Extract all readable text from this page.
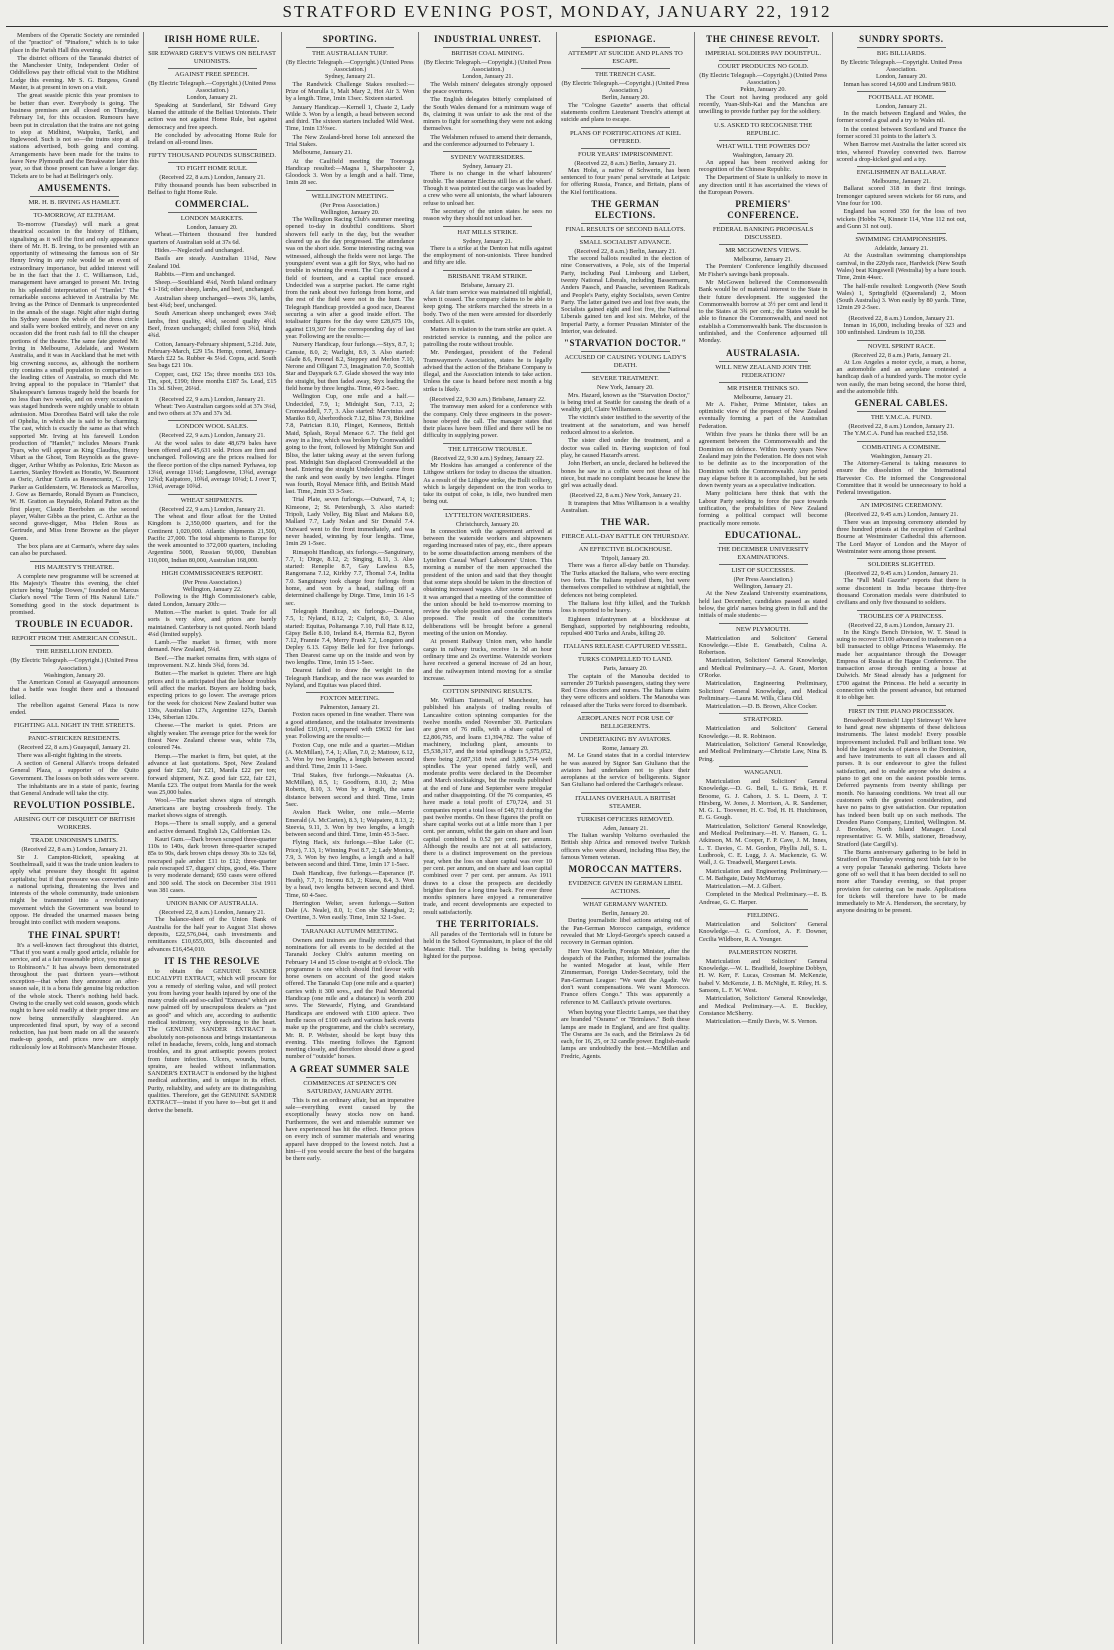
STRATFORD EVENING POST, MONDAY, JANUARY 22, 1912

Members of the Operatic Society are reminded of the "practice" of "Pinafore," which is to take place in the Parish Hall this evening.

The district officers of the Taranaki district of the Manchester Unity, Independent Order of Oddfellows pay their official visit to the Midhirst Lodge this evening. Mr S. G. Burgess, Grand Master, is at present in town on a visit.

The great seaside picnic this year promises to be better than ever. Everybody is going. The business premises are all closed on Thursday, February 1st, for this occasion. Rumours have been put in circulation that the trains are not going to stop at Midhirst, Waipuku, Tariki, and Inglewood. Such is not so—the trains stop at all stations advertised, both going and coming. Arrangements have been made for the trains to leave New Plymouth and the Breakwater later this year, so that those present can have a longer day. Tickets are to be had at Bellringer's only.

AMUSEMENTS.
MR. H. B. IRVING AS HAMLET.
TO-MORROW, AT ELTHAM.

To-morrow (Tuesday) will mark a great theatrical occasion in the history of Eltham, signalising as it will the first and only appearance there of Mr. H. B. Irving, to be presented with an opportunity of witnessing the famous son of Sir Henry Irving in any role would be an event of extraordinary importance, but added interest will be in the fact that the J. C. Williamson, Ltd., management have arranged to present Mr. Irving in his splendid interpretation of "Hamlet." The remarkable success achieved in Australia by Mr. Irving as the Prince of Denmark is unprecedented in the annals of the stage. Night after night during his Sydney season the whole of the dress circle and stalls were booked entirely, and never on any occasion did the front rush fail to fill the cheaper portions of the theatre. The same fate greeted Mr. Irving in Melbourne, Adelaide, and Western Australia, and it was in Auckland that he met with big crowning success, as, although the northern city contains a small population in comparison to the leading cities of Australia, so much did Mr. Irving appeal to the populace in "Hamlet" that Shakespeare's famous tragedy held the boards for no less than two weeks, and on every occasion it was staged hundreds were nightly unable to obtain admission. Miss Dorothea Baird will take the role of Ophelia, in which she is said to be charming. The cast, which is exactly the same as that which supported Mr. Irving at his farewell London production of "Hamlet," includes Messrs Frank Tyars, who will appear as King Claudius, Henry Vibart as the Ghost, Tom Reynolds as the grave-digger, Arthur Whitby as Polonius, Eric Maxon as Laertes, Stanley Howlett as Horatio, W. Beaumont as Osric, Arthur Curtis as Rosencrantz, C. Percy Parker as Guildenstern, W. Henstock as Marcellus, J. Gow as Bernardo, Ronald Byram as Francisco, W. H. Gratton as Reynaldo, Roland Patton as the first player, Claude Beerbohm as the second player, Walter Gibbs as the priest, C. Arthur as the second grave-digger, Miss Helen Rous as Gertrude, and Miss Irene Browne as the player Queen.

The box plans are at Carman's, where day sales can also be purchased.

HIS MAJESTY'S THEATRE.

A complete new programme will be screened at His Majesty's Theatre this evening, the chief picture being "Judge Dowes," founded on Marcus Clarke's novel "The Term of His Natural Life." Something good in the stock department is promised.

TROUBLE IN ECUADOR.
REPORT FROM THE AMERICAN CONSUL.
THE REBELLION ENDED.
(By Electric Telegraph.—Copyright.) (United Press Association.)
Washington, January 20.

The American Consul at Guayaquil announces that a battle was fought there and a thousand killed.

The rebellion against General Plaza is now ended.

FIGHTING ALL NIGHT IN THE STREETS.
PANIC-STRICKEN RESIDENTS.
(Received 22, 8 a.m.) Guayaquil, January 21.

There was all-night fighting in the streets.

A section of General Alfaro's troops defeated General Plaza, a supporter of the Quito Government. The losses on both sides were severe.

The inhabitants are in a state of panic, fearing that General Andrade will take the city.

REVOLUTION POSSIBLE.
ARISING OUT OF DISQUIET OF BRITISH WORKERS.
TRADE UNIONISM'S LIMITS.
(Received 22, 8 a.m.) London, January 21.

Sir J. Campton-Rickett, speaking at Southelmsall, said it was the trade union leaders to apply what pressure they thought fit against capitalists; but if that pressure was converted into a national uprising, threatening the lives and interests of the whole community, trade unionism might be transmuted into a revolutionary movement which the Government was bound to oppose. He dreaded the unarmed masses being brought into conflict with modern weapons.

THE FINAL SPURT!

It's a well-known fact throughout this district, "That if you want a really good article, reliable for service, and at a fair reasonable price, you must go to Robinson's." It has always been demonstrated throughout the past thirteen years—without exception—that when they announce an after-season sale, it is a bona fide genuine big reduction of the whole stock. There's nothing held back. Owing to the cruelly wet cold season, goods which ought to have sold readily at their proper time are now being unmercifully slaughtered. An unprecedented final spurt, by way of a second reduction, has just been made on all the season's made-up goods, and prices now are simply ridiculously low at Robinson's Manchester House.

IRISH HOME RULE.
SIR EDWARD GREY'S VIEWS ON BELFAST UNIONISTS.
AGAINST FREE SPEECH.
(By Electric Telegraph.—Copyright.) (United Press Association.)
London, January 21.

Speaking at Sunderland, Sir Edward Grey blamed the attitude of the Belfast Unionists. Their action was not against Home Rule, but against democracy and free speech.

He concluded by advocating Home Rule for Ireland on all-round lines.

FIFTY THOUSAND POUNDS SUBSCRIBED.
TO FIGHT HOME RULE.
(Received 22, 8 a.m.) London, January 21.

Fifty thousand pounds has been subscribed in Belfast to fight Home Rule.

COMMERCIAL.
LONDON MARKETS.
London, January 20.

Wheat.—Thirteen thousand five hundred quarters of Australian sold at 37s 6d.

Hides.—Neglected and unchanged.

Basils are steady. Australian 11¼d, New Zealand 10d.

Rabbits.—Firm and unchanged.

Sheep.—Southland 4¼d, North Island ordinary 4 1-16d; other sheep, lambs, and beef, unchanged.

Australian sheep unchanged—ewes 3¾, lambs, best 4¾d; beef, unchanged.

South American sheep unchanged; ewes 3¼d; lambs, first quality, 4¾d, second quality 4¾d. Beef, frozen unchanged; chilled fores 3¾d, hinds 4¾d.

Cotton, January-February shipment, 5.21d. Jute, February-March, £29 15s. Hemp, comet, January-March £22 5s. Rubber 4s 5¼d. Copra, acid. South Sea bags £21 10s.

Copper, cast, £62 15s; three months £63 10s. Tin, spot, £190; three months £187 5s. Lead, £15 11s 3d. Silver, 26¼d.

(Received 22, 9 a.m.) London, January 21.

Wheat: Two Australian cargoes sold at 37s 3¼d, and two others at 37s and 37s 3d.

LONDON WOOL SALES.
(Received 22, 9 a.m.) London, January 21.

At the wool sales to date 48,679 bales have been offered and 45,631 sold. Prices are firm and unchanged. Following are the prices realised for the fleece portion of the clips named: Pyrhawa, top 13¼d, average 11¼d; Langdowne, 13¾d, average 12¾d; Kaipatoro, 10¾d, average 10¼d; L J over T, 13¼d, average 10¾d.

WHEAT SHIPMENTS.
(Received 22, 9 a.m.) London, January 21.

The wheat and flour afloat for the United Kingdom is 2,350,000 quarters, and for the Continent 1,020,000. Atlantic shipments 21,500, Pacific 27,000. The total shipments to Europe for the week amounted to 372,000 quarters, including Argentina 5000, Russian 90,000, Danubian 110,000, Indian 80,000, Australian 168,000.

HIGH COMMISSIONER'S REPORT.
(Per Press Association.)
Wellington, January 22.

Following is the High Commissioner's cable, dated London, January 20th:—

Mutton.—The market is quiet. Trade for all sorts is very slow, and prices are barely maintained. Canterbury is not quoted. North Island 4¼d (limited supply).

Lamb.—The market is firmer, with more demand. New Zealand, 5¼d.

Beef.—The market remains firm, with signs of improvement. N.Z. hinds 3¾d, fores 3d.

Butter.—The market is quieter. There are high prices and it is anticipated that the labour troubles will affect the market. Buyers are holding back, expecting prices to go lower. The average prices for the week for choicest New Zealand butter was 130s, Australian 127s, Argentine 127s, Danish 134s, Siberian 120s.

Cheese.—The market is quiet. Prices are slightly weaker. The average price for the week for finest New Zealand cheese was, white 73s, coloured 74s.

Hemp.—The market is firm, but quiet, at the advance at last quotations. Spot, New Zealand good fair £20, fair £21, Manila £22 per ton; forward shipment, N.Z. good fair £22, fair £21, Manila £23. The output from Manila for the week was 25,000 bales.

Wool.—The market shows signs of strength. Americans are buying crossbreds freely. The market shows signs of strength.

Hops.—There is small supply, and a general and active demand. English 12s, Californian 12s.

Kauri Gum.—Dark brown scraped three-quarter 110s to 140s, dark brown three-quarter scraped 85s to 90s, dark brown chips dressy 30s to 32s 6d, rescraped pale amber £11 to £12; three-quarter pale rescraped £7, diggers' chips, good, 46s. There is very moderate demand; 650 cases were offered and 300 sold. The stock on December 31st 1911 was 381 cases.

UNION BANK OF AUSTRALIA.
(Received 22, 8 a.m.) London, January 21.

The balance-sheet of the Union Bank of Australia for the half year to August 31st shows deposits, £22,576,044, cash investments and remittances £10,655,003, bills discounted and advances £16,454,010.

IT IS THE RESOLVE

to obtain the GENUINE SANDER EUCALYPTI EXTRACT, which will procure for you a remedy of sterling value, and will protect you from having your health injured by one of the many crude oils and so-called "Extracts" which are now palmed off by unscrupulous dealers as "just as good" and which are, according to authentic medical testimony, very depressing to the heart. The GENUINE SANDER EXTRACT is absolutely non-poisonous and brings instantaneous relief in headache, fevers, colds, lung and stomach troubles, and its great antiseptic powers protect from future infection. Ulcers, wounds, burns, sprains, are healed without inflammation. SANDER'S EXTRACT is endorsed by the highest medical authorities, and is unique in its effect. Purity, reliability, and safety are its distinguishing qualities. Therefore, get the GENUINE SANDER EXTRACT—insist if you have to—but get it and derive the benefit.

SPORTING.
THE AUSTRALIAN TURF.
(By Electric Telegraph.—Copyright.) (United Press Association.)
Sydney, January 21.

The Randwick Challenge Stakes resulted:—Prize of Murulla 1, Malt Mary 2, Hot Air 3. Won by a length. Time, 1min 13sec. Sixteen started.

January Handicap.—Kernell 1, Chaste 2, Lady Wilde 3. Won by a length, a head between second and third. The sixteen starters included Wild West. Time, 1min 13½sec.

The New Zealand-bred horse Ioli annexed the Trial Stakes.

Melbourne, January 21.

At the Caulfield meeting the Toorooga Handicap resulted:—Magna 1, Sharpshooter 2, Gloodock 3. Won by a length and a half. Time, 1min 28 sec.

WELLINGTON MEETING.
(Per Press Association.)
Wellington, January 20.

The Wellington Racing Club's summer meeting opened to-day in doubtful conditions. Short showers fell early in the day, but the weather cleared up as the day progressed. The attendance was on the short side. Some interesting racing was witnessed, although the fields were not large. The youngsters' event was a gift for Styx, who had no trouble in winning the event. The Cup produced a field of fourteen, and a capital race ensued. Undecided was a surprise packet. He came right from the rank about two furlongs from home, and the rest of the field were not in the hunt. The Telegraph Handicap provided a good race, Dearest securing a win after a good inside effort. The totalisator figures for the day were £28,675 10s, against £19,307 for the corresponding day of last year. Following are the results:—

Nursery Handicap, four furlongs.—Styx, 8.7, 1; Camste, 8.0, 2; Warlight, 8.9, 3. Also started: Glade 8.6, Peronel 8.2, Steppey and Merlon 7.10, Nerone and Olligant 7.3, Imagination 7.0, Scottish Star and Dayspark 6.7. Glade showed the way into the straight, but then faded away, Styx leading the field home by three lengths. Time, 49 2-5sec.

Wellington Cup, one mile and a half.—Undecided, 7.9, 1; Midnight Sun, 7.13, 2; Cromwaddell, 7.7, 3. Also started: Marvinius and Maniko 8.0, Aberbrothock 7.12, Bliss 7.9, Birkline 7.8, Patrician 8.10, Flinget, Kenneos, British Maid, Splash, Royal Menace 6.7. The field got away in a line, which was broken by Cromwaddell going to the front, followed by Midnight Sun and Bliss, the latter taking away at the seven furlong post. Midnight Sun displaced Cromwaddell at the head. Entering the straight Undecided came from the rank and won easily by two lengths. Flinget was fourth, Royal Menace fifth, and British Maid last. Time, 2min 33 3-5sec.

Trial Plate, seven furlongs.—Outward, 7.4, 1; Kimeone, 2; St. Petersburgh, 3. Also started: Tripoli, Lady Volley, Big Blast and Makara 8.0, Mallard 7.7, Lady Nolan and Sir Donald 7.4. Outward went to the front immediately, and was never headed, winning by four lengths. Time, 1min 29 1-5sec.

Rimapohi Handicap, six furlongs.—Sanguinary, 7.7, 1; Dirge, 8.12, 2; Singing, 8.11, 3. Also started: Reneplie 8.7, Gay Lawless 8.5, Rangomana 7.12, Kirkby 7.7, Thomal 7.4, Indita 7.0. Sanguinary took charge four furlongs from home, and won by a head, stalling off a determined challenge by Dirge. Time, 1min 16 1-5 sec.

Telegraph Handicap, six furlongs.—Dearest, 7.5, 1; Nyland, 8.12, 2; Culprit, 8.0, 3. Also started: Equitas, Poltamanga 7.10, Full Hate 8.12, Gipsy Belle 8.10, Ireland 8.4, Hermia 8.2, Byron 7.12, Frannie 7.4, Merry Frank 7.2, Longsten and Depley 6.13. Gipsy Belle led for five furlongs. Then Dearest came up on the inside and won by two lengths. Time, 1min 15 1-5sec.

Dearest failed to draw the weight in the Telegraph Handicap, and the race was awarded to Nyland, and Equitas was placed third.

FOXTON MEETING.
Palmerston, January 21.

Foxton races opened in fine weather. There was a good attendance, and the totalisator investments totalled £10,911, compared with £9632 for last year. Following are the results:—

Foxton Cup, one mile and a quarter.—Midian (A. McMillan), 7.4, 1; Allan, 7.0, 2; Mattouv, 6.12, 3. Won by two lengths, a length between second and third. Time, 2min 11 1-5sec.

Trial Stakes, five furlongs.—Nukuatua (A. McMillan), 8.5, 1; Goodform, 8.10, 2; Miss Roberts, 8.10, 3. Won by a length, the same distance between second and third. Time, 1min 5sec.

Avalon Hack Welter, one mile.—Merrie Emerald (A. McCarten), 8.3, 1; Waipatere, 8.13, 2; Steevia, 9.11, 3. Won by two lengths, a length between second and third. Time, 1min 45 3-5sec.

Flying Hack, six furlongs.—Blue Lake (C. Price), 7.13, 1; Winning Post 8.7, 2; Lady Monica, 7.9, 3. Won by two lengths, a length and a half between second and third. Time, 1min 17 1-5sec.

Dash Handicap, five furlongs.—Esperance (F. Heath), 7.7, 1; Inconu 8.3, 2; Kiaoa, 8.4, 3. Won by a head, two lengths between second and third. Time, 60 4-5sec.

Herrington Welter, seven furlongs.—Sutton Dale (A. Neale), 8.0, 1; Con she Shanghai, 2; Overtime, 3. Won easily. Time, 1min 32 1-5sec.

TARANAKI AUTUMN MEETING.

Owners and trainers are finally reminded that nominations for all events to be decided at the Taranaki Jockey Club's autumn meeting on February 14 and 15 close to-night at 9 o'clock. The programme is one which should find favour with horse owners on account of the good stakes offered. The Taranaki Cup (one mile and a quarter) carries with it 300 sovs., and the Paul Memorial Handicap (one mile and a distance) is worth 200 sovs. The Stewards', Flying, and Grandstand Handicaps are endowed with £100 apiece. Two hurdle races of £100 each and various hack events make up the programme, and the club's secretary, Mr. R. P. Webster, should be kept busy this evening. This meeting follows the Egmont meeting closely, and therefore should draw a good number of "outside" horses.

A GREAT SUMMER SALE
COMMENCES AT SPENCE'S ON SATURDAY, JANUARY 20TH.

This is not an ordinary affair, but an imperative sale—everything event caused by the exceptionally heavy stocks now on hand. Furthermore, the wet and miserable summer we have experienced has hit the effect. Hence prices on every inch of summer materials and wearing apparel have dropped to the lowest notch. Just a hint—if you would secure the best of the bargains be there early.

INDUSTRIAL UNREST.
BRITISH COAL MINING.
(By Electric Telegraph.—Copyright.) (United Press Association.)
London, January 21.

The Welsh miners' delegates strongly opposed the peace overtures.

The English delegates bitterly complained of the South Wales demand for a minimum wage of 8s, claiming it was unfair to ask the rest of the miners to fight for something they were not asking themselves.

The Welshmen refused to amend their demands, and the conference adjourned to February 1.

SYDNEY WATERSIDERS.
Sydney, January 21.

There is no change in the wharf labourers' trouble. The steamer Electra still lies at the wharf. Though it was pointed out the cargo was loaded by a crew who were all unionists, the wharf labourers refuse to unload her.

The secretary of the union states he sees no reason why they should not unload her.

HAT MILLS STRIKE.
Sydney, January 21.

There is a strike at the Denton hat mills against the employment of non-unionists. Three hundred and fifty are idle.

BRISBANE TRAM STRIKE.
Brisbane, January 21.

A fair tram service was maintained till nightfall, when it ceased. The company claims to be able to keep going. The strikers marched the streets in a body. Two of the men were arrested for disorderly conduct. All is quiet.

Matters in relation to the tram strike are quiet. A restricted service is running, and the police are patrolling the route without trouble.

Mr. Pendergast, president of the Federal Tramwaymen's Association, states he is legally advised that the action of the Brisbane Company is illegal, and the Association intends to take action. Unless the case is heard before next month a big strike is likely.

(Received 22, 9.30 a.m.) Brisbane, January 22.

The tramway men asked for a conference with the company. Only three engineers in the power-house obeyed the call. The manager states that their places have been filled and there will be no difficulty in supplying power.

THE LITHGOW TROUBLE.
(Received 22, 9.30 a.m.) Sydney, January 22.

Mr Hoskins has arranged a conference of the Lithgow strikers for today to discuss the situation. As a result of the Lithgow strike, the Bulli colliery, which is largely dependent on the iron works to take its output of coke, is idle, two hundred men being out.

LYTTELTON WATERSIDERS.
Christchurch, January 20.

In connection with the agreement arrived at between the waterside workers and shipowners regarding increased rates of pay, etc., there appears to be some dissatisfaction among members of the Lyttelton Casual Wharf Labourers' Union. This morning a number of the men approached the president of the union and said that they thought that some steps should be taken in the direction of obtaining increased wages. After some discussion it was arranged that a meeting of the committee of the union should be held to-morrow morning to review the whole position and consider the terms proposed. The result of the committee's deliberations will be brought before a general meeting of the union on Monday.

At present Railway Union men, who handle cargo in railway trucks, receive 1s 3d an hour ordinary time and 2s overtime. Waterside workers have received a general increase of 2d an hour, and the railwaymen intend moving for a similar increase.

COTTON SPINNING RESULTS.

Mr. William Tattersall, of Manchester, has published his analysis of trading results of Lancashire cotton spinning companies for the twelve months ended November 30. Particulars are given of 76 mills, with a share capital of £2,806,795, and loans £1,394,782. The value of machinery, including plant, amounts to £5,538,317, and the total spindleage is 5,575,052, there being 2,687,318 twist and 3,885,734 weft spindles. The year opened fairly well, and moderate profits were declared in the December and March stocktakings, but the results published at the end of June and September were irregular and rather disappointing. Of the 76 companies, 45 have made a total profit of £70,724, and 31 companies report a total loss of £48,711 during the past twelve months. On these figures the profit on share capital works out at a little more than 1 per cent. per annum, whilst the gain on share and loan capital combined is 0.52 per cent. per annum. Although the results are not at all satisfactory, there is a distinct improvement on the previous year, when the loss on share capital was over 10 per cent. per annum, and on share and loan capital combined over 7 per cent. per annum. As 1911 draws to a close the prospects are decidedly brighter than for a long time back. For over three months spinners have enjoyed a remunerative trade, and recent developments are expected to result satisfactorily.

THE TERRITORIALS.

All parades of the Territorials will in future be held in the School Gymnasium, in place of the old Masonic Hall. The building is being specially lighted for the purpose.

ESPIONAGE.
ATTEMPT AT SUICIDE AND PLANS TO ESCAPE.
THE TRENCH CASE.
(By Electric Telegraph.—Copyright.) (United Press Association.)
Berlin, January 20.

The "Cologne Gazette" asserts that official statements confirm Lieutenant Trench's attempt at suicide and plans to escape.

PLANS OF FORTIFICATIONS AT KIEL OFFERED.
FOUR YEARS' IMPRISONMENT.
(Received 22, 8 a.m.) Berlin, January 21.

Max Holst, a native of Schwerin, has been sentenced to four years' penal servitude at Leipsic for offering Russia, France, and Britain, plans of the Kiel fortifications.

THE GERMAN ELECTIONS.
FINAL RESULTS OF SECOND BALLOTS.
SMALL SOCIALIST ADVANCE.
(Received 22, 8 a.m.) Berlin, January 21.

The second ballots resulted in the election of nine Conservatives, a Pole, six of the Imperial Party, including Paul Limbourg and Liebert, twenty National Liberals, including Bassermann, Anders Paasch, and Paasche, seventeen Radicals and People's Party, eighty Socialists, seven Centre Party. The latter gained two and lost five seats, the Socialists gained eight and lost five, the National Liberals gained ten and lost six. Mehrke, of the Imperial Party, a former Prussian Minister of the Interior, was defeated.

"STARVATION DOCTOR."
ACCUSED OF CAUSING YOUNG LADY'S DEATH.
SEVERE TREATMENT.
New York, January 20.

Mrs. Hazard, known as the "Starvation Doctor," is being tried at Seattle for causing the death of a wealthy girl, Claire Williamson.

The victim's sister testified to the severity of the treatment at the sanatorium, and was herself reduced almost to a skeleton.

The sister died under the treatment, and a doctor was called in. Having suspicion of foul play, he caused Hazard's arrest.

John Herbert, an uncle, declared he believed the bones he saw in a coffin were not those of his niece, but made no complaint because he knew the girl was actually dead.

(Received 22, 8 a.m.) New York, January 21.

It transpires that Miss Williamson is a wealthy Australian.

THE WAR.
FIERCE ALL-DAY BATTLE ON THURSDAY.
AN EFFECTIVE BLOCKHOUSE.
Tripoli, January 20.

There was a fierce all-day battle on Thursday. The Turks attacked the Italians, who were erecting two forts. The Italians repulsed them, but were themselves compelled to withdraw at nightfall, the defences not being completed.

The Italians lost fifty killed, and the Turkish loss is reported to be heavy.

Eighteen infantrymen at a blockhouse at Benghazi, supported by neighbouring redoubts, repulsed 400 Turks and Arabs, killing 20.

ITALIANS RELEASE CAPTURED VESSEL.
TURKS COMPELLED TO LAND.
Paris, January 20.

The captain of the Manouba decided to surrender 29 Turkish passengers, stating they were Red Cross doctors and nurses. The Italians claim they were officers and soldiers. The Manouba was released after the Turks were forced to disembark.

AEROPLANES NOT FOR USE OF BELLIGERENTS.
UNDERTAKING BY AVIATORS.
Rome, January 20.

M. Le Grand states that in a cordial interview he was assured by Signor San Giuliano that the aviators had undertaken not to place their aeroplanes at the service of belligerents. Signor San Giuliano had ordered the Carthage's release.

ITALIANS OVERHAUL A BRITISH STEAMER.
TURKISH OFFICERS REMOVED.
Aden, January 21.

The Italian warship Volturno overhauled the British ship Africa and removed twelve Turkish officers who were aboard, including Hisa Bey, the famous Yemen veteran.

MOROCCAN MATTERS.
EVIDENCE GIVEN IN GERMAN LIBEL ACTIONS.
WHAT GERMANY WANTED.
Berlin, January 20.

During journalistic libel actions arising out of the Pan-German Morocco campaign, evidence revealed that Mr Lloyd-George's speech caused a recovery in German opinion.

Herr Von Kiderlin, Foreign Minister, after the despatch of the Panther, informed the journalists he wanted Mogador at least, while Herr Zimmerman, Foreign Under-Secretary, told the Pan-German League: "We want the Agadir. We don't want compensations. We want Morocco. France offers Congo." This was apparently a reference to M. Caillaux's private overtures.

When buying your Electric Lamps, see that they are branded "Osrams" or "Brimlaws." Both these lamps are made in England, and are first quality. The Osrams are 3s each, and the Brimlaws 2s 6d each, for 16, 25, or 32 candle power. English-made lamps are undoubtedly the best.—McMillan and Fredric, Agents.

THE CHINESE REVOLT.
IMPERIAL SOLDIERS PAY DOUBTFUL.
COURT PRODUCES NO GOLD.
(By Electric Telegraph.—Copyright.) (United Press Association.)
Pekin, January 20.

The Court not having produced any gold recently, Yuan-Shih-Kai and the Manchus are unwilling to provide further pay for the soldiery.

U.S. ASKED TO RECOGNISE THE REPUBLIC.
WHAT WILL THE POWERS DO?
Washington, January 20.

An appeal has been received asking for recognition of the Chinese Republic.

The Department of State is unlikely to move in any direction until it has ascertained the views of the European Powers.

PREMIERS' CONFERENCE.
FEDERAL BANKING PROPOSALS DISCUSSED.
MR MCGOWEN'S VIEWS.
Melbourne, January 21.

The Premiers' Conference lengthily discussed Mr Fisher's savings bank proposals.

Mr McGowen believed the Commonwealth Bank would be of material interest to the State in their future development. He suggested the Commonwealth borrow at 3½ per cent and lend it to the States at 3¾ per cent.; the States would be able to finance the Commonwealth, and need not establish a Commonwealth bank. The discussion is unfinished, and the Conference adjourned till Monday.

AUSTRALASIA.
WILL NEW ZEALAND JOIN THE FEDERATION?
MR FISHER THINKS SO.
Melbourne, January 21.

Mr A. Fisher, Prime Minister, takes an optimistic view of the prospect of New Zealand eventually forming a part of the Australian Federation.

Within five years he thinks there will be an agreement between the Commonwealth and the Dominion on defence. Within twenty years New Zealand may join the Federation. He does not wish to be definite as to the incorporation of the Dominion with the Commonwealth. Any period may elapse before it is accomplished, but he sets down twenty years as a speculative indication.

Many politicians here think that with the Labour Party seeking to force the pace towards unification, the probabilities of New Zealand forming a political compact will become practically more remote.

EDUCATIONAL.
THE DECEMBER UNIVERSITY EXAMINATIONS.
LIST OF SUCCESSES.
(Per Press Association.)
Wellington, January 21.

At the New Zealand University examinations, held last December, candidates passed as stated below, the girls' names being given in full and the initials of male students:—

NEW PLYMOUTH.

Matriculation and Solicitors' General Knowledge.—Elsie E. Greatbatch, Culina A. Robertson.

Matriculation, Solicitors' General Knowledge, and Medical Preliminary.—J. A. Grant, Morton O'Rorke.

Matriculation, Engineering Preliminary, Solicitors' General Knowledge, and Medical Preliminary.—Laura M. Wills, Clara Old.

Matriculation.—D. B. Brown, Alice Cocker.

STRATFORD.

Matriculation and Solicitors' General Knowledge.—R. R. Robinson.

Matriculation, Solicitors' General Knowledge, and Medical Preliminary.—Christie Law, Nina B. Pring.

WANGANUI.

Matriculation and Solicitors' General Knowledge.—D. G. Bell, L. G. Brisk, H. F. Broome, G. J. Cahors, J. S. L. Deem, J. T. Hirsberg, W. Jones, J. Morrison, A. R. Sandemer, M. G. L. Toovener, H. C. Tod, H. H. Hutchinson, E. G. Gough.

Matriculation, Solicitors' General Knowledge, and Medical Preliminary.—H. V. Hansen, G. L. Atkinson, M. M. Cooper, F. P. Cave, J. M. Innes, L. T. Davies, C. M. Gordon, Phyllis Jull, S. L. Ludbrook, C. E. Lugg, J. A. Mackenzie, G. W. Wall, J. G. Treadwell, Margaret Lewis.

Matriculation and Engineering Preliminary.—C. M. Bathgate, Daisy McMurray.

Matriculation.—M. J. Gilbert.

Completed in the Medical Preliminary.—E. B. Andreae, G. C. Harper.

FIELDING.

Matriculation and Solicitors' General Knowledge.—J. G. Cornfoot, A. F. Downer, Cecilia Wildbore, R. A. Younger.

PALMERSTON NORTH.

Matriculation and Solicitors' General Knowledge.—W. L. Bradfield, Josephine Dobbyn, H. W. Kerr, F. Lucas, Crosman M. McKenzie, Isabel V. McKenzie, J. B. McNight, E. Riley, H. S. Sansom, L. F. W. West.

Matriculation, Solicitors' General Knowledge, and Medical Preliminary.—A. E. Buckley, Constance McSherry.

Matriculation.—Emily Davis, W. S. Vernon.

SUNDRY SPORTS.
BIG BILLIARDS.
By Electric Telegraph.—Copyright. United Press Association.
London, January 20.

Inman has scored 14,600 and Lindrum 9810.

FOOTBALL AT HOME.
London, January 21.

In the match between England and Wales, the former scored a goal and a try to Wales nil.

In the contest between Scotland and France the former scored 31 points to the latter's 3.

When Barrow met Australia the latter scored six tries, whereof Fraveley converted two. Barrow scored a drop-kicked goal and a try.

ENGLISHMEN AT BALLARAT.
Melbourne, January 21.

Ballarat scored 318 in their first innings. Iremonger captured seven wickets for 66 runs, and Vine four for 100.

England has scored 350 for the loss of two wickets (Hobbs 74, Kinneir 114, Vine 112 not out, and Gunn 31 not out).

SWIMMING CHAMPIONSHIPS.
Adelaide, January 21.

At the Australian swimming championships carnival, in the 220yds race, Hardwick (New South Wales) beat Kingswell (Westralia) by a bare touch. Time, 2min 44sec.

The half-mile resulted: Longworth (New South Wales) 1, Springfield (Queensland) 2, Moon (South Australia) 3. Won easily by 80 yards. Time, 12min 29 2-5sec.

(Received 22, 8 a.m.) London, January 21.

Inman in 16,000, including breaks of 323 and 100 unfinished. Lindrum is 10,238.

NOVEL SPRINT RACE.
(Received 22, 8 a.m.) Paris, January 21.

At Los Angeles a motor cycle, a man, a horse, an automobile and an aeroplane contested a handicap dash of a hundred yards. The motor cycle won easily, the man being second, the horse third, and the automobile fifth.

GENERAL CABLES.
THE Y.M.C.A. FUND.
(Received 22, 8 a.m.) London, January 21.

The Y.M.C.A. Fund has reached £52,158.

COMBATING A COMBINE.
Washington, January 21.

The Attorney-General is taking measures to ensure the dissolution of the International Harvester Co. He informed the Congressional Committee that it would be unnecessary to hold a Federal investigation.

AN IMPOSING CEREMONY.
(Received 22, 9.45 a.m.) London, January 21.

There was an imposing ceremony attended by three hundred priests at the reception of Cardinal Bourne at Westminster Cathedral this afternoon. The Lord Mayor of London and the Mayor of Westminster were among those present.

SOLDIERS SLIGHTED.
(Received 22, 9.45 a.m.) London, January 21.

The "Pall Mall Gazette" reports that there is some discontent in India because thirty-five thousand Coronation medals were distributed to civilians and only five thousand to soldiers.

TROUBLES OF A PRINCESS.
(Received 22, 8 a.m.) London, January 21.

In the King's Bench Division, W. T. Stead is suing to recover £1100 advanced to tradesmen on a bill transacted to oblige Princess Wiasemsky. He made her acquaintance through the Dowager Empress of Russia at the Hague Conference. The transaction arose through renting a house at Dulwich. Mr Stead already has a judgment for £700 against the Princess. He held a security in connection with the present advance, but returned it to oblige her.

FIRST IN THE PIANO PROCESSION.

Broadwood! Ronisch! Lipp! Steinway! We have to hand great new shipments of these delicious instruments. The latest models! Every possible improvement included. Full and brilliant tone. We hold the largest stocks of pianos in the Dominion, and have instruments to suit all classes and all purses. It is our endeavour to give the fullest satisfaction, and to enable anyone who desires a piano to get one on the easiest possible terms. Deferred payments from twenty shillings per month. No harassing conditions. We treat all our customers with the greatest consideration, and have no pains to give satisfaction. Our reputation has indeed been built up on such methods. The Dresden Piano Company, Limited, Wellington. M. J. Brookes, North Island Manager. Local representative: G. W. Mills, stationer, Broadway, Stratford (late Cargill's).

The Burns anniversary gathering to be held in Stratford on Thursday evening next bids fair to be a very popular Taranaki gathering. Tickets have gone off so well that it has been decided to sell no more after Tuesday evening, so that proper provision for catering can be made. Applications for tickets will therefore have to be made immediately to Mr A. Henderson, the secretary, by anyone desiring to be present.
